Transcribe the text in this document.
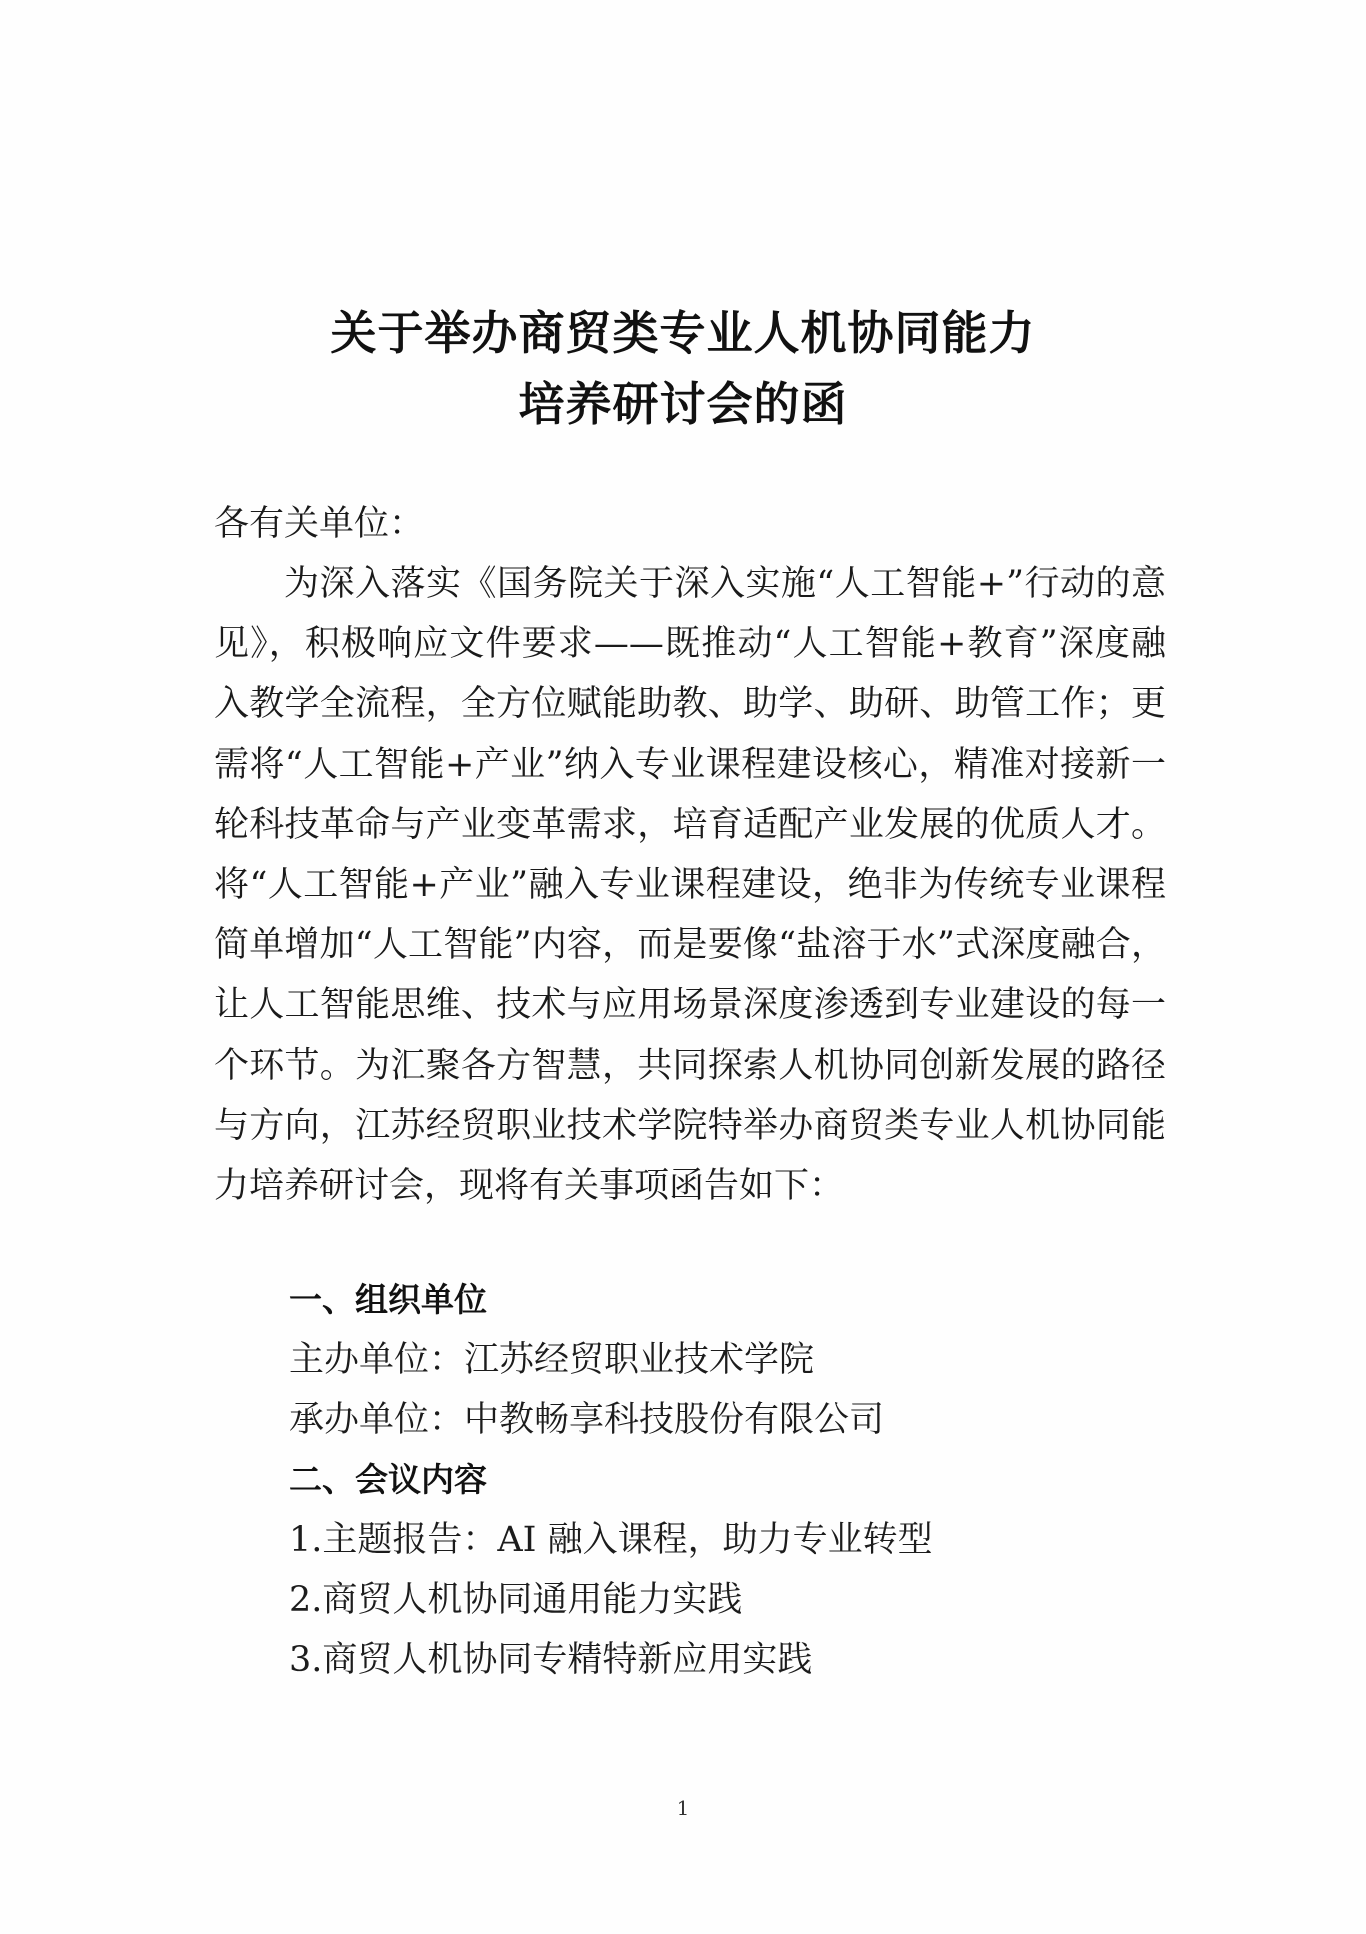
关于举办商贸类专业人机协同能力
培养研讨会的函
各有关单位：

为深入落实《国务院关于深入实施“人工智能+”行动的意见》，积极响应文件要求——既推动“人工智能+教育”深度融入教学全流程，全方位赋能助教、助学、助研、助管工作；更需将“人工智能+产业”纳入专业课程建设核心，精准对接新一轮科技革命与产业变革需求，培育适配产业发展的优质人才。将“人工智能+产业”融入专业课程建设，绝非为传统专业课程简单增加“人工智能”内容，而是要像“盐溶于水”式深度融合，让人工智能思维、技术与应用场景深度渗透到专业建设的每一个环节。为汇聚各方智慧，共同探索人机协同创新发展的路径与方向，江苏经贸职业技术学院特举办商贸类专业人机协同能力培养研讨会，现将有关事项函告如下：

一、组织单位
主办单位：江苏经贸职业技术学院
承办单位：中教畅享科技股份有限公司
二、会议内容
1.主题报告：AI 融入课程，助力专业转型
2.商贸人机协同通用能力实践
3.商贸人机协同专精特新应用实践
1
